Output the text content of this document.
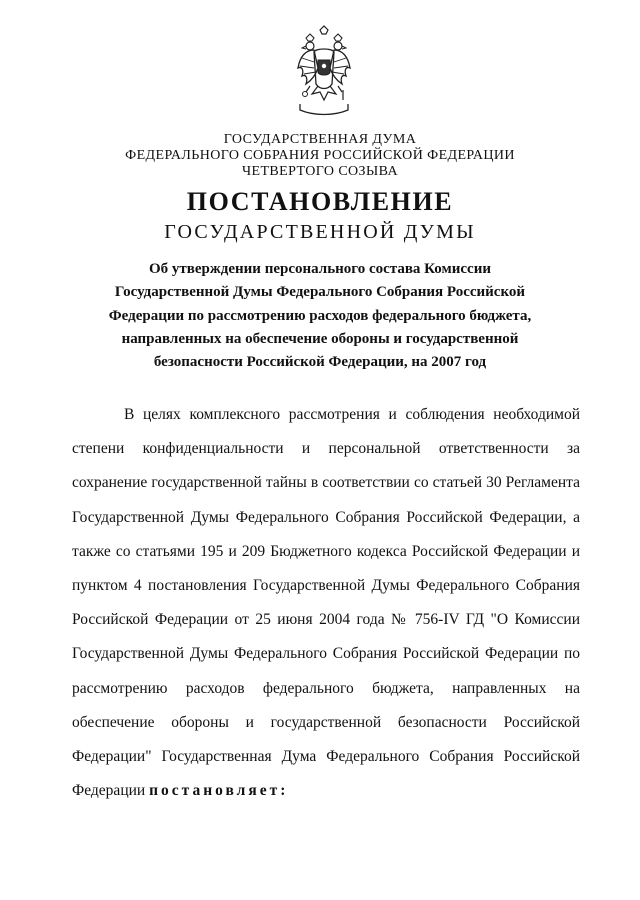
ГОСУДАРСТВЕННАЯ ДУМА
ФЕДЕРАЛЬНОГО СОБРАНИЯ РОССИЙСКОЙ ФЕДЕРАЦИИ
ЧЕТВЕРТОГО СОЗЫВА
ПОСТАНОВЛЕНИЕ
ГОСУДАРСТВЕННОЙ ДУМЫ
Об утверждении персонального состава Комиссии
Государственной Думы Федерального Собрания Российской
Федерации по рассмотрению расходов федерального бюджета,
направленных на обеспечение обороны и государственной
безопасности Российской Федерации, на 2007 год
В целях комплексного рассмотрения и соблюдения необходимой
степени конфиденциальности и персональной ответственности за
сохранение государственной тайны в соответствии со статьей 30 Регламента
Государственной Думы Федерального Собрания Российской Федерации, а
также со статьями 195 и 209 Бюджетного кодекса Российской Федерации и
пунктом 4 постановления Государственной Думы Федерального Собрания
Российской Федерации от 25 июня 2004 года № 756-IV ГД "О Комиссии
Государственной Думы Федерального Собрания Российской Федерации по
рассмотрению расходов федерального бюджета, направленных на
обеспечение обороны и государственной безопасности Российской
Федерации" Государственная Дума Федерального Собрания Российской
Федерации постановляет:
